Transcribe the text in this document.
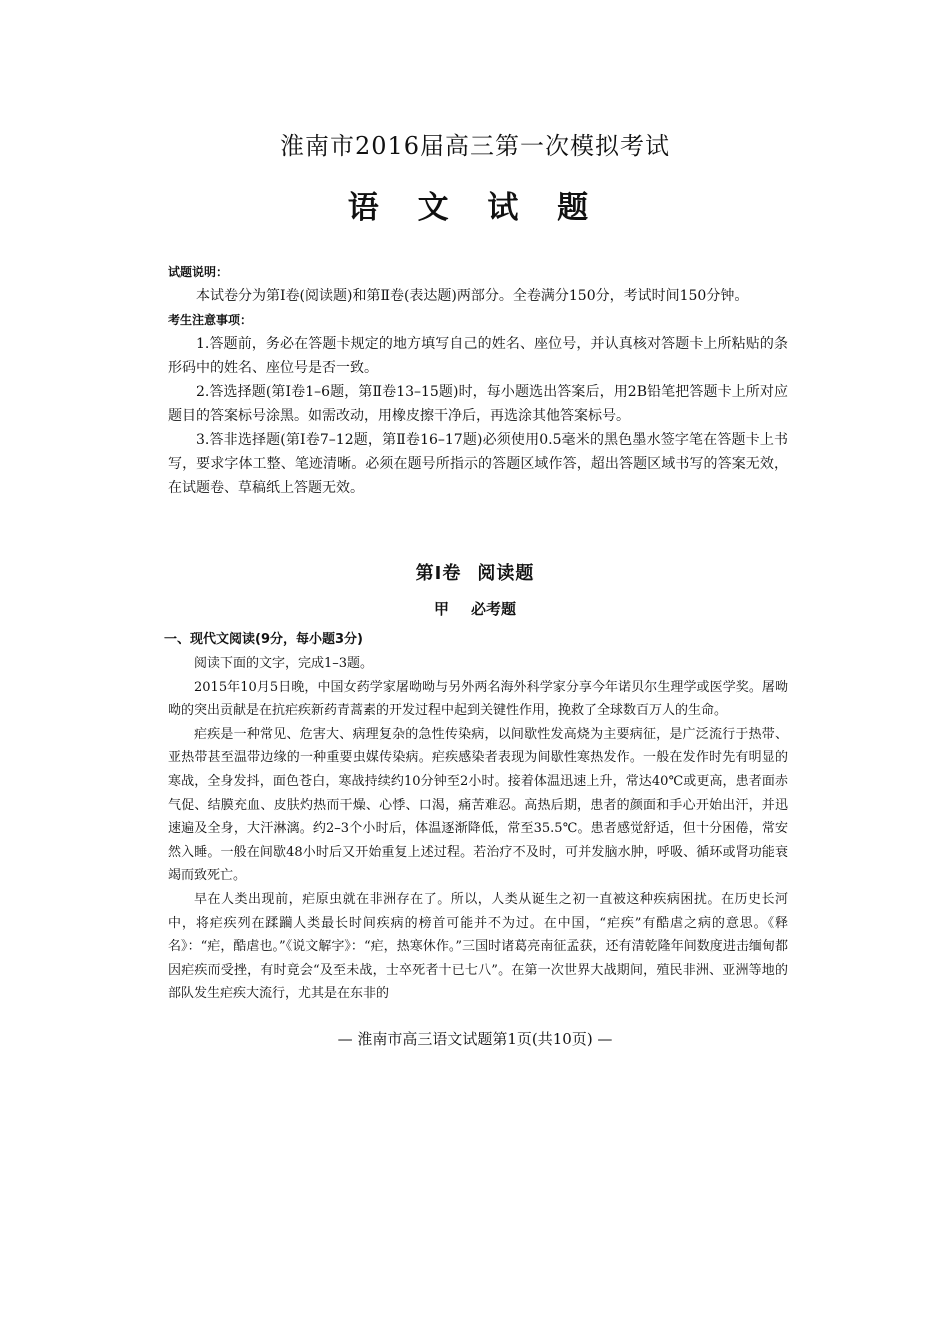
淮南市2016届高三第一次模拟考试
语 文 试 题

试题说明：

本试卷分为第Ⅰ卷(阅读题)和第Ⅱ卷(表达题)两部分。全卷满分150分，考试时间150分钟。

考生注意事项：

1.答题前，务必在答题卡规定的地方填写自己的姓名、座位号，并认真核对答题卡上所粘贴的条形码中的姓名、座位号是否一致。

2.答选择题(第Ⅰ卷1–6题，第Ⅱ卷13–15题)时，每小题选出答案后，用2B铅笔把答题卡上所对应题目的答案标号涂黑。如需改动，用橡皮擦干净后，再选涂其他答案标号。

3.答非选择题(第Ⅰ卷7–12题，第Ⅱ卷16–17题)必须使用0.5毫米的黑色墨水签字笔在答题卡上书写，要求字体工整、笔迹清晰。必须在题号所指示的答题区域作答，超出答题区域书写的答案无效，在试题卷、草稿纸上答题无效。

第Ⅰ卷 阅读题
甲 必考题

一、现代文阅读(9分，每小题3分)

阅读下面的文字，完成1–3题。

2015年10月5日晚，中国女药学家屠呦呦与另外两名海外科学家分享今年诺贝尔生理学或医学奖。屠呦呦的突出贡献是在抗疟疾新药青蒿素的开发过程中起到关键性作用，挽救了全球数百万人的生命。

疟疾是一种常见、危害大、病理复杂的急性传染病，以间歇性发高烧为主要病征，是广泛流行于热带、亚热带甚至温带边缘的一种重要虫媒传染病。疟疾感染者表现为间歇性寒热发作。一般在发作时先有明显的寒战，全身发抖，面色苍白，寒战持续约10分钟至2小时。接着体温迅速上升，常达40℃或更高，患者面赤气促、结膜充血、皮肤灼热而干燥、心悸、口渴，痛苦难忍。高热后期，患者的颜面和手心开始出汗，并迅速遍及全身，大汗淋漓。约2–3个小时后，体温逐渐降低，常至35.5℃。患者感觉舒适，但十分困倦，常安然入睡。一般在间歇48小时后又开始重复上述过程。若治疗不及时，可并发脑水肿，呼吸、循环或肾功能衰竭而致死亡。

早在人类出现前，疟原虫就在非洲存在了。所以，人类从诞生之初一直被这种疾病困扰。在历史长河中，将疟疾列在蹂躏人类最长时间疾病的榜首可能并不为过。在中国，“疟疾”有酷虐之病的意思。《释名》：“疟，酷虐也。”《说文解字》：“疟，热寒休作。”三国时诸葛亮南征孟获，还有清乾隆年间数度进击缅甸都因疟疾而受挫，有时竟会“及至未战，士卒死者十已七八”。在第一次世界大战期间，殖民非洲、亚洲等地的部队发生疟疾大流行，尤其是在东非的

— 淮南市高三语文试题第1页(共10页) —
